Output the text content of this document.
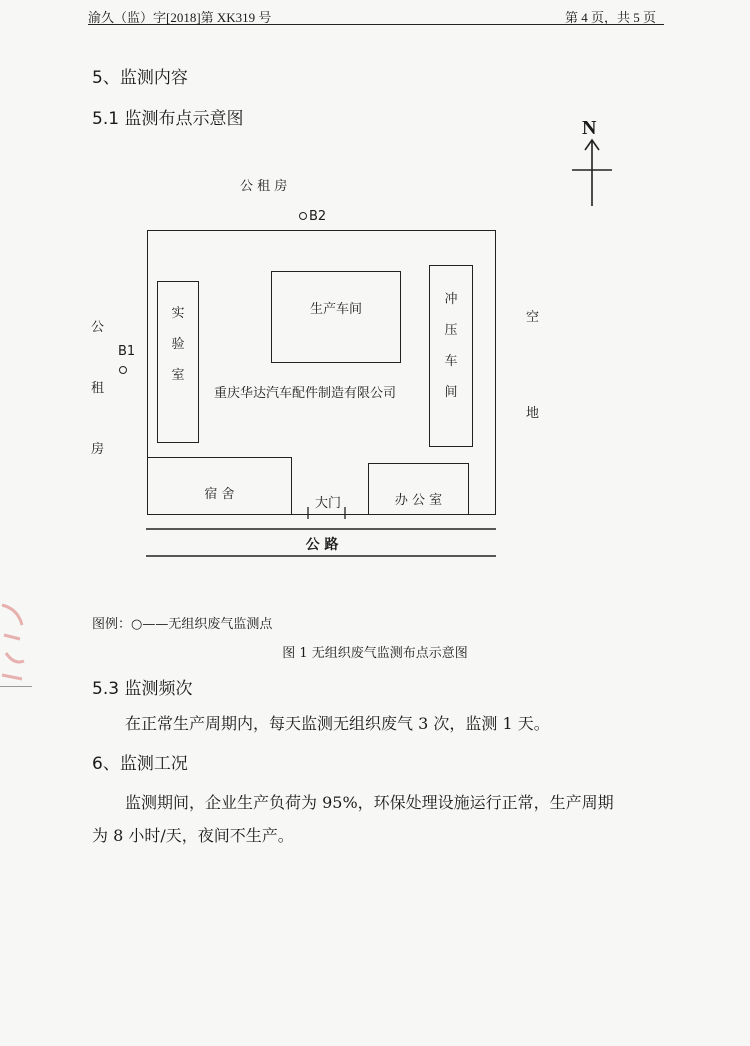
渝久（监）字[2018]第 XK319 号	第 4 页，共 5 页
5、监测内容
5.1 监测布点示意图	N
公 租 房
B2
公
租
房
B1
空
地
实
验
室
生产车间
冲
压
车
间
重庆华达汽车配件制造有限公司
宿 舍
大门	办 公 室
公 路
图例：○——无组织废气监测点
图 1 无组织废气监测布点示意图
5.3 监测频次
在正常生产周期内，每天监测无组织废气 3 次，监测 1 天。
6、监测工况
监测期间，企业生产负荷为 95%，环保处理设施运行正常，生产周期
为 8 小时/天，夜间不生产。
